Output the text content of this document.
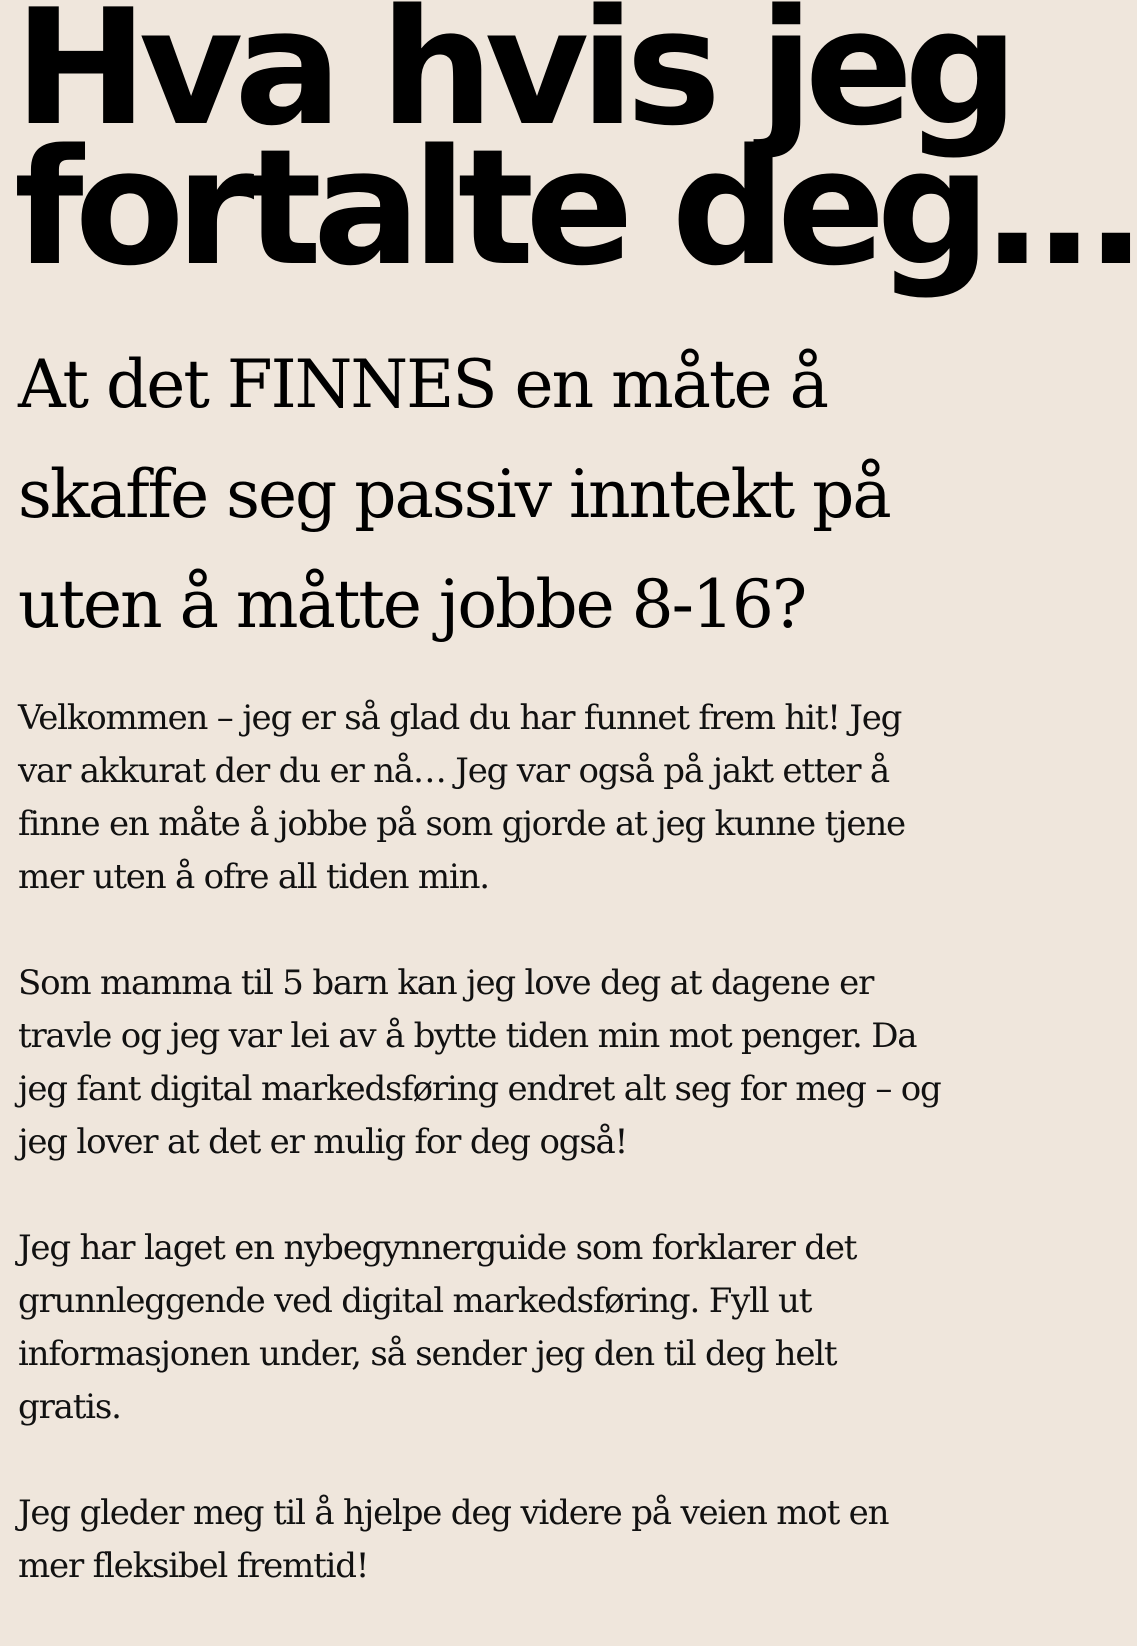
Hva hvis jeg
fortalte deg...
At det FINNES en måte å
skaffe seg passiv inntekt på
uten å måtte jobbe 8-16?

Velkommen – jeg er så glad du har funnet frem hit! Jeg
var akkurat der du er nå… Jeg var også på jakt etter å
finne en måte å jobbe på som gjorde at jeg kunne tjene
mer uten å ofre all tiden min.

Som mamma til 5 barn kan jeg love deg at dagene er
travle og jeg var lei av å bytte tiden min mot penger. Da
jeg fant digital markedsføring endret alt seg for meg – og
jeg lover at det er mulig for deg også!

Jeg har laget en nybegynnerguide som forklarer det
grunnleggende ved digital markedsføring. Fyll ut
informasjonen under, så sender jeg den til deg helt
gratis.

Jeg gleder meg til å hjelpe deg videre på veien mot en
mer fleksibel fremtid!
